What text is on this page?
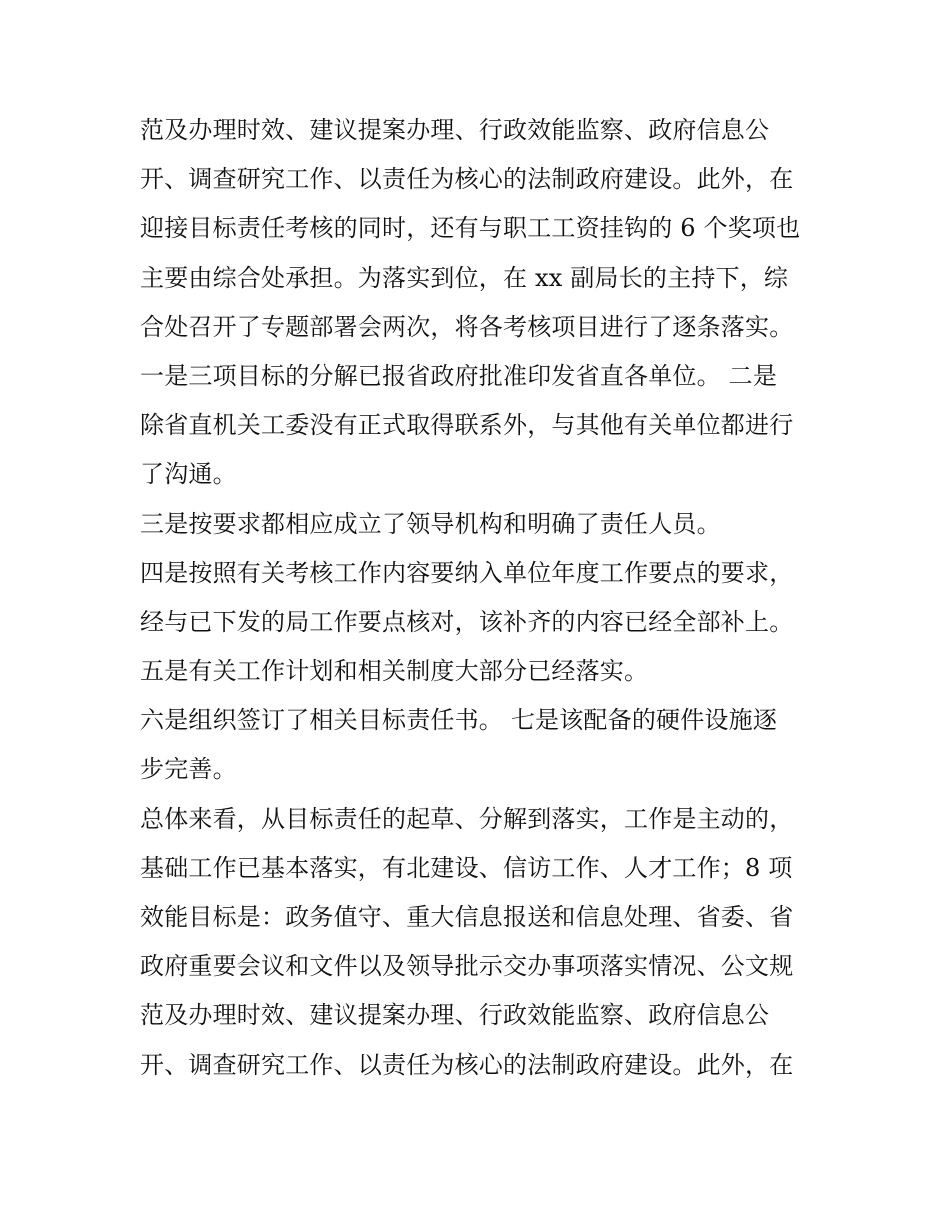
范及办理时效、建议提案办理、行政效能监察、政府信息公
开、调查研究工作、以责任为核心的法制政府建设。此外，在
迎接目标责任考核的同时，还有与职工工资挂钩的 6 个奖项也
主要由综合处承担。为落实到位，在 xx 副局长的主持下，综
合处召开了专题部署会两次，将各考核项目进行了逐条落实。
一是三项目标的分解已报省政府批准印发省直各单位。 二是
除省直机关工委没有正式取得联系外，与其他有关单位都进行
了沟通。
三是按要求都相应成立了领导机构和明确了责任人员。
四是按照有关考核工作内容要纳入单位年度工作要点的要求，
经与已下发的局工作要点核对，该补齐的内容已经全部补上。
五是有关工作计划和相关制度大部分已经落实。
六是组织签订了相关目标责任书。 七是该配备的硬件设施逐
步完善。
总体来看，从目标责任的起草、分解到落实，工作是主动的，
基础工作已基本落实，有北建设、信访工作、人才工作；8 项
效能目标是：政务值守、重大信息报送和信息处理、省委、省
政府重要会议和文件以及领导批示交办事项落实情况、公文规
范及办理时效、建议提案办理、行政效能监察、政府信息公
开、调查研究工作、以责任为核心的法制政府建设。此外，在
